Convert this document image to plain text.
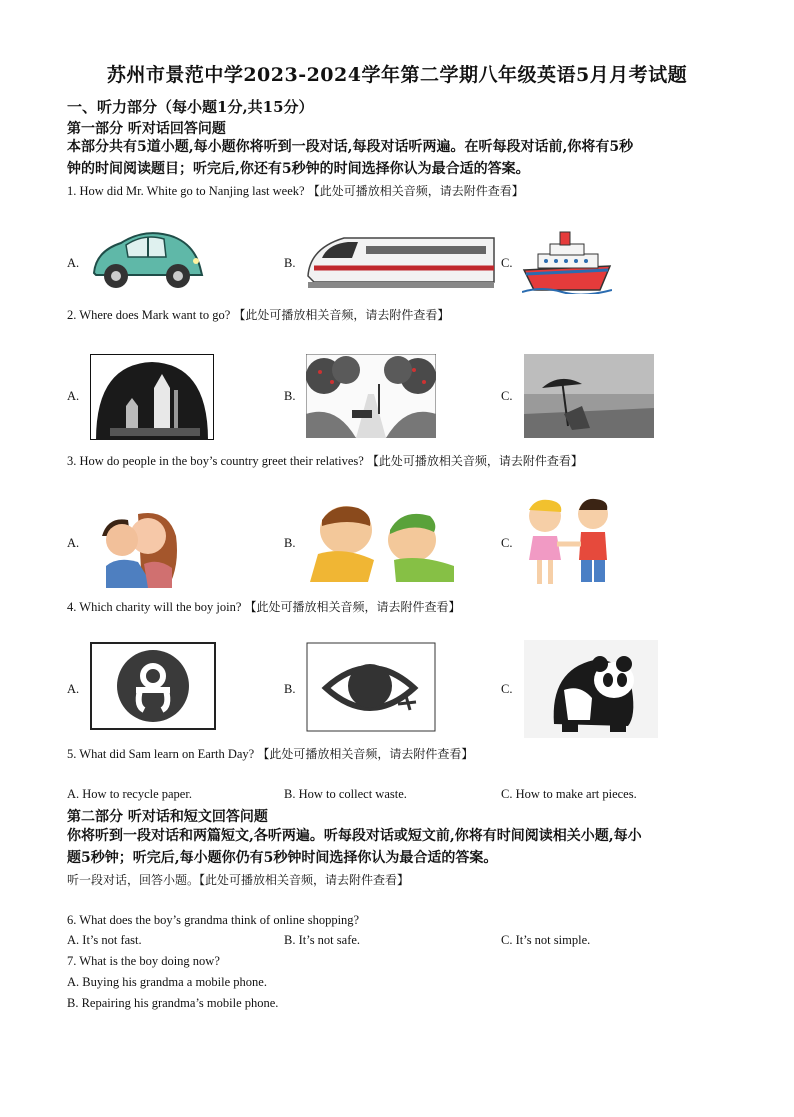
苏州市景范中学2023-2024学年第二学期八年级英语5月月考试题
一、听力部分（每小题1分,共15分）
第一部分 听对话回答问题
本部分共有5道小题,每小题你将听到一段对话,每段对话听两遍。在听每段对话前,你将有5秒
钟的时间阅读题目；听完后,你还有5秒钟的时间选择你认为最合适的答案。
1. How did Mr. White go to Nanjing last week? 【此处可播放相关音频，请去附件查看】
A.	B.	C.
2. Where does Mark want to go? 【此处可播放相关音频，请去附件查看】
A.	B.	C.
3. How do people in the boy’s country greet their relatives? 【此处可播放相关音频，请去附件查看】
A.	B.	C.
4. Which charity will the boy join? 【此处可播放相关音频，请去附件查看】
A.	B.	C.
5. What did Sam learn on Earth Day? 【此处可播放相关音频，请去附件查看】
A. How to recycle paper.	B. How to collect waste.	C. How to make art pieces.
第二部分 听对话和短文回答问题
你将听到一段对话和两篇短文,各听两遍。听每段对话或短文前,你将有时间阅读相关小题,每小
题5秒钟；听完后,每小题你仍有5秒钟时间选择你认为最合适的答案。
听一段对话，回答小题。【此处可播放相关音频，请去附件查看】
6. What does the boy’s grandma think of online shopping?
A. It’s not fast.	B. It’s not safe.	C. It’s not simple.
7. What is the boy doing now?
A. Buying his grandma a mobile phone.
B. Repairing his grandma’s mobile phone.
